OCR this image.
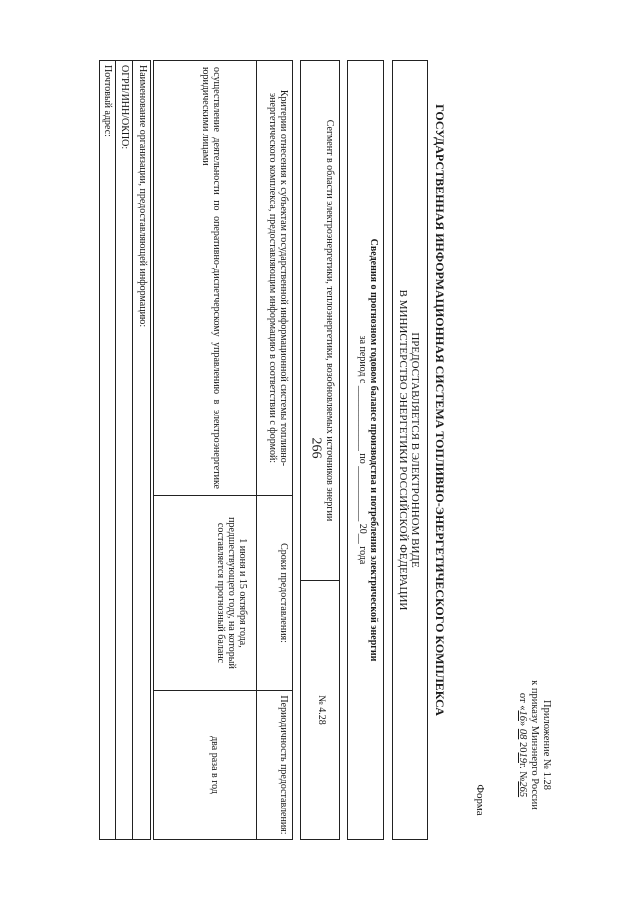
266
Приложение № 1.28
к приказу Минэнерго России
от «16» 08 2019г. №265
Форма
ГОСУДАРСТВЕННАЯ ИНФОРМАЦИОННАЯ СИСТЕМА ТОПЛИВНО-ЭНЕРГЕТИЧЕСКОГО КОМПЛЕКСА
ПРЕДОСТАВЛЯЕТСЯ В ЭЛЕКТРОННОМ ВИДЕ
В МИНИСТЕРСТВО ЭНЕРГЕТИКИ РОССИЙСКОЙ ФЕДЕРАЦИИ
Сведения о прогнозном годовом балансе производства и потребления электрической энергии
за период с _____________ по ___________ 20__ года
Сегмент в области электроэнергетики, теплоэнергетики, возобновляемых источников энергии
№ 4.28
Критерии отнесения к субъектам государственной информационной системы топливно-энергетического комплекса, предоставляющим информацию в соответствии с формой:
осуществление деятельности по оперативно-диспетчерскому управлению в электроэнергетике юридическими лицами
Сроки предоставления:
1 июня и 15 октября года, предшествующего году, на который составляется прогнозный баланс
Периодичность предоставления:
два раза в год
Наименование организации, предоставляющей информацию:
ОГРН/ИНН/ОКПО:
Почтовый адрес:
